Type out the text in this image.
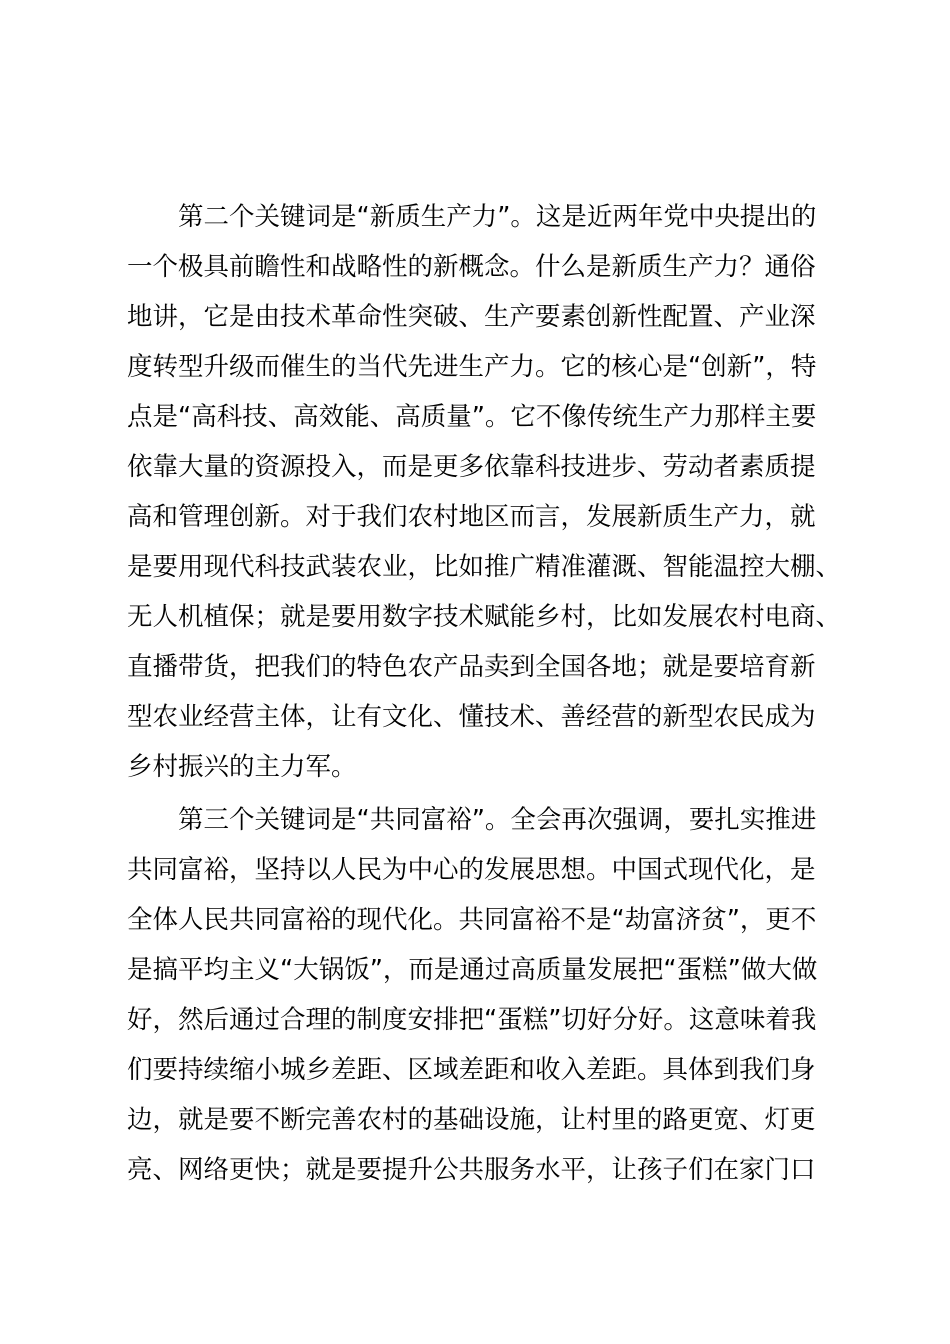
第二个关键词是“新质生产力”。这是近两年党中央提出的
一个极具前瞻性和战略性的新概念。什么是新质生产力？通俗
地讲，它是由技术革命性突破、生产要素创新性配置、产业深
度转型升级而催生的当代先进生产力。它的核心是“创新”，特
点是“高科技、高效能、高质量”。它不像传统生产力那样主要
依靠大量的资源投入，而是更多依靠科技进步、劳动者素质提
高和管理创新。对于我们农村地区而言，发展新质生产力，就
是要用现代科技武装农业，比如推广精准灌溉、智能温控大棚、
无人机植保；就是要用数字技术赋能乡村，比如发展农村电商、
直播带货，把我们的特色农产品卖到全国各地；就是要培育新
型农业经营主体，让有文化、懂技术、善经营的新型农民成为
乡村振兴的主力军。
第三个关键词是“共同富裕”。全会再次强调，要扎实推进
共同富裕，坚持以人民为中心的发展思想。中国式现代化，是
全体人民共同富裕的现代化。共同富裕不是“劫富济贫”，更不
是搞平均主义“大锅饭”，而是通过高质量发展把“蛋糕”做大做
好，然后通过合理的制度安排把“蛋糕”切好分好。这意味着我
们要持续缩小城乡差距、区域差距和收入差距。具体到我们身
边，就是要不断完善农村的基础设施，让村里的路更宽、灯更
亮、网络更快；就是要提升公共服务水平，让孩子们在家门口
